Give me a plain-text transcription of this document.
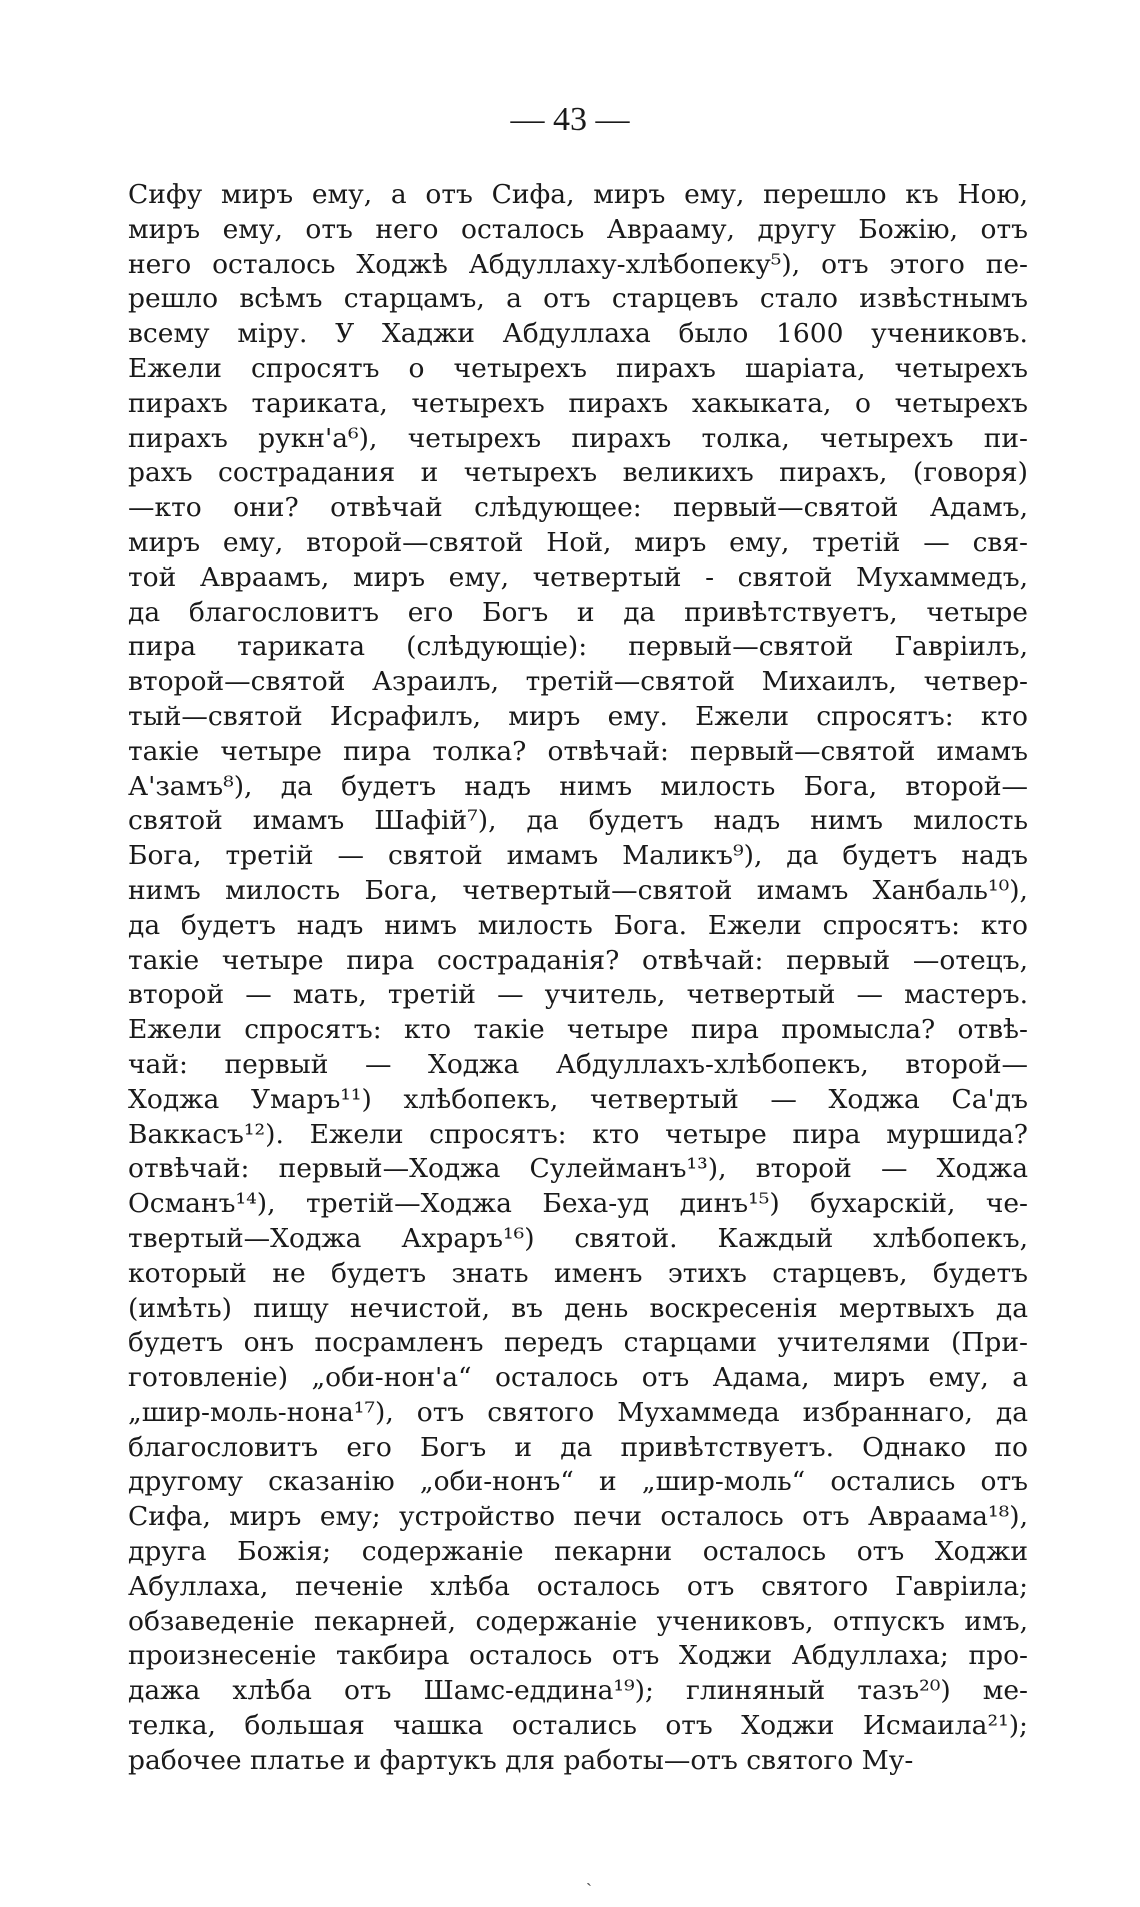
— 43 —
Сифу миръ ему, а отъ Сифа, миръ ему, перешло къ Ною,
миръ ему, отъ него осталось Аврааму, другу Божiю, отъ
него осталось Ходжѣ Абдуллаху-хлѣбопеку⁵), отъ этого пе-
решло всѣмъ старцамъ, а отъ старцевъ стало извѣстнымъ
всему мiру. У Хаджи Абдуллаха было 1600 учениковъ.
Ежели спросятъ о четырехъ пирахъ шарiата, четырехъ
пирахъ тариката, четырехъ пирахъ хакыката, о четырехъ
пирахъ рукн'а⁶), четырехъ пирахъ толка, четырехъ пи-
рахъ сострадания и четырехъ великихъ пирахъ, (говоря)
—кто они? отвѣчай слѣдующее: первый—святой Адамъ,
миръ ему, второй—святой Ной, миръ ему, третiй — свя-
той Авраамъ, миръ ему, четвертый - святой Мухаммедъ,
да благословитъ его Богъ и да привѣтствуетъ, четыре
пира тариката (слѣдующiе): первый—святой Гаврiилъ,
второй—святой Азраилъ, третiй—святой Михаилъ, четвер-
тый—святой Исрафилъ, миръ ему. Ежели спросятъ: кто
такiе четыре пира толка? отвѣчай: первый—святой имамъ
А'замъ⁸), да будетъ надъ нимъ милость Бога, второй—
святой имамъ Шафiй⁷), да будетъ надъ нимъ милость
Бога, третiй — святой имамъ Маликъ⁹), да будетъ надъ
нимъ милость Бога, четвертый—святой имамъ Ханбаль¹⁰),
да будетъ надъ нимъ милость Бога. Ежели спросятъ: кто
такiе четыре пира состраданiя? отвѣчай: первый —отецъ,
второй — мать, третiй — учитель, четвертый — мастеръ.
Ежели спросятъ: кто такiе четыре пира промысла? отвѣ-
чай: первый — Ходжа Абдуллахъ-хлѣбопекъ, второй—
Ходжа Умаръ¹¹) хлѣбопекъ, четвертый — Ходжа Са'дъ
Ваккасъ¹²). Ежели спросятъ: кто четыре пира муршида?
отвѣчай: первый—Ходжа Сулейманъ¹³), второй — Ходжа
Османъ¹⁴), третiй—Ходжа Беха-уд динъ¹⁵) бухарскiй, че-
твертый—Ходжа Ахраръ¹⁶) святой. Каждый хлѣбопекъ,
который не будетъ знать именъ этихъ старцевъ, будетъ
(имѣть) пищу нечистой, въ день воскресенiя мертвыхъ да
будетъ онъ посрамленъ передъ старцами учителями (При-
готовленiе) „оби-нон'а“ осталось отъ Адама, миръ ему, а
„шир-моль-нона¹⁷), отъ святого Мухаммеда избраннаго, да
благословитъ его Богъ и да привѣтствуетъ. Однако по
другому сказанiю „оби-нонъ“ и „шир-моль“ остались отъ
Сифа, миръ ему; устройство печи осталось отъ Авраама¹⁸),
друга Божiя; содержанiе пекарни осталось отъ Ходжи
Абуллаха, печенiе хлѣба осталось отъ святого Гаврiила;
обзаведенiе пекарней, содержанiе учениковъ, отпускъ имъ,
произнесенiе такбира осталось отъ Ходжи Абдуллаха; про-
дажа хлѣба отъ Шамс-еддина¹⁹); глиняный тазъ²⁰) ме-
телка, большая чашка остались отъ Ходжи Исмаила²¹);
рабочее платье и фартукъ для работы—отъ святого Му-
ˏ
